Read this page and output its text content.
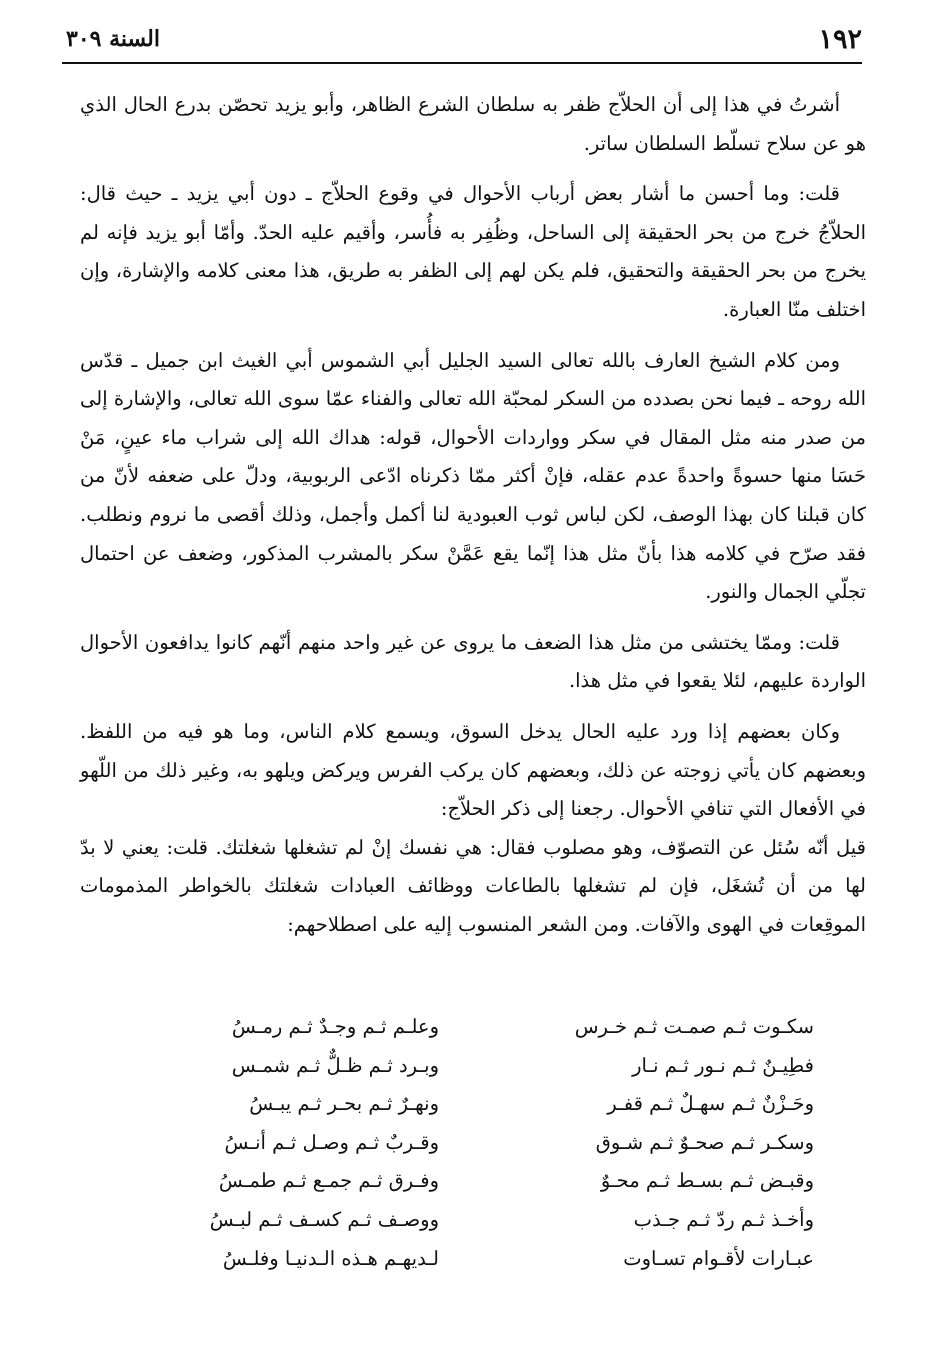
١٩٢
السنة ٣٠٩

أشرتُ في هذا إلى أن الحلاّج ظفر به سلطان الشرع الظاهر، وأبو يزيد تحصّن بدرع الحال الذي هو عن سلاح تسلّط السلطان ساتر.

قلت: وما أحسن ما أشار بعض أرباب الأحوال في وقوع الحلاّج ـ دون أبي يزيد ـ حيث قال: الحلاّجُ خرج من بحر الحقيقة إلى الساحل، وظُفِر به فأُسر، وأقيم عليه الحدّ. وأمّا أبو يزيد فإنه لم يخرج من بحر الحقيقة والتحقيق، فلم يكن لهم إلى الظفر به طريق، هذا معنى كلامه والإشارة، وإن اختلف منّا العبارة.

ومن كلام الشيخ العارف بالله تعالى السيد الجليل أبي الشموس أبي الغيث ابن جميل ـ قدّس الله روحه ـ فيما نحن بصدده من السكر لمحبّة الله تعالى والفناء عمّا سوى الله تعالى، والإشارة إلى من صدر منه مثل المقال في سكر وواردات الأحوال، قوله: هداك الله إلى شراب ماء عينٍ، مَنْ حَسَا منها حسوةً واحدةً عدم عقله، فإنْ أكثر ممّا ذكرناه ادّعى الربوبية، ودلّ على ضعفه لأنّ من كان قبلنا كان بهذا الوصف، لكن لباس ثوب العبودية لنا أكمل وأجمل، وذلك أقصى ما نروم ونطلب. فقد صرّح في كلامه هذا بأنّ مثل هذا إنّما يقع عَمَّنْ سكر بالمشرب المذكور، وضعف عن احتمال تجلّي الجمال والنور.

قلت: وممّا يختشى من مثل هذا الضعف ما يروى عن غير واحد منهم أنّهم كانوا يدافعون الأحوال الواردة عليهم، لئلا يقعوا في مثل هذا.

وكان بعضهم إذا ورد عليه الحال يدخل السوق، ويسمع كلام الناس، وما هو فيه من اللفظ. وبعضهم كان يأتي زوجته عن ذلك، وبعضهم كان يركب الفرس ويركض ويلهو به، وغير ذلك من اللّهو في الأفعال التي تنافي الأحوال. رجعنا إلى ذكر الحلاّج:

قيل أنّه سُئل عن التصوّف، وهو مصلوب فقال: هي نفسك إنْ لم تشغلها شغلتك. قلت: يعني لا بدّ لها من أن تُشغَل، فإن لم تشغلها بالطاعات ووظائف العبادات شغلتك بالخواطر المذمومات الموقِعات في الهوى والآفات. ومن الشعر المنسوب إليه على اصطلاحهم:

سكـوت ثـم صمـت ثـم خـرس
وعلـم ثـم وجـدٌ ثـم رمـسُ
فطِيـنٌ ثـم نـور ثـم نـار
وبـرد ثـم ظـلٌّ ثـم شمـس
وحَـزْنٌ ثـم سهـلٌ ثـم قفـر
ونهـرٌ ثـم بحـر ثـم يبـسُ
وسكـر ثـم صحـوٌ ثـم شـوق
وقـربٌ ثـم وصـل ثـم أنـسُ
وقبـض ثـم بسـط ثـم محـوٌ
وفـرق ثـم جمـع ثـم طمـسُ
وأخـذ ثـم ردّ ثـم جـذب
ووصـف ثـم كسـف ثـم لبـسُ
عبـارات لأقـوام تسـاوت
لـديهـم هـذه الـدنيـا وفلـسُ
